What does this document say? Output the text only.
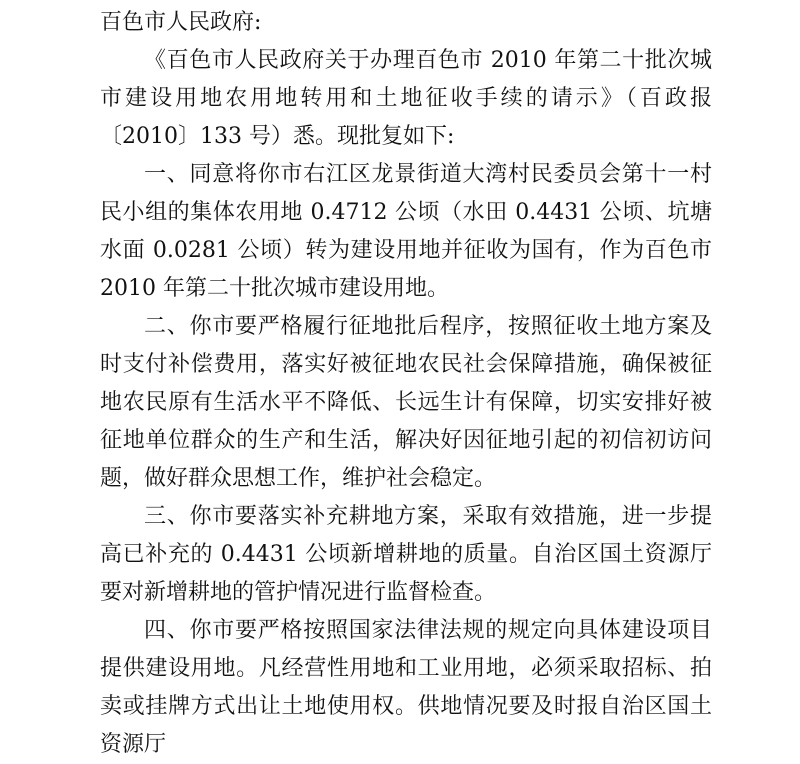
百色市人民政府:

《百色市人民政府关于办理百色市 2010 年第二十批次城市建设用地农用地转用和土地征收手续的请示》（百政报〔2010〕133 号）悉。现批复如下:

一、同意将你市右江区龙景街道大湾村民委员会第十一村民小组的集体农用地 0.4712 公顷（水田 0.4431 公顷、坑塘水面 0.0281 公顷）转为建设用地并征收为国有，作为百色市 2010 年第二十批次城市建设用地。

二、你市要严格履行征地批后程序，按照征收土地方案及时支付补偿费用，落实好被征地农民社会保障措施，确保被征地农民原有生活水平不降低、长远生计有保障，切实安排好被征地单位群众的生产和生活，解决好因征地引起的初信初访问题，做好群众思想工作，维护社会稳定。

三、你市要落实补充耕地方案，采取有效措施，进一步提高已补充的 0.4431 公顷新增耕地的质量。自治区国土资源厅要对新增耕地的管护情况进行监督检查。

四、你市要严格按照国家法律法规的规定向具体建设项目提供建设用地。凡经营性用地和工业用地，必须采取招标、拍卖或挂牌方式出让土地使用权。供地情况要及时报自治区国土资源厅
